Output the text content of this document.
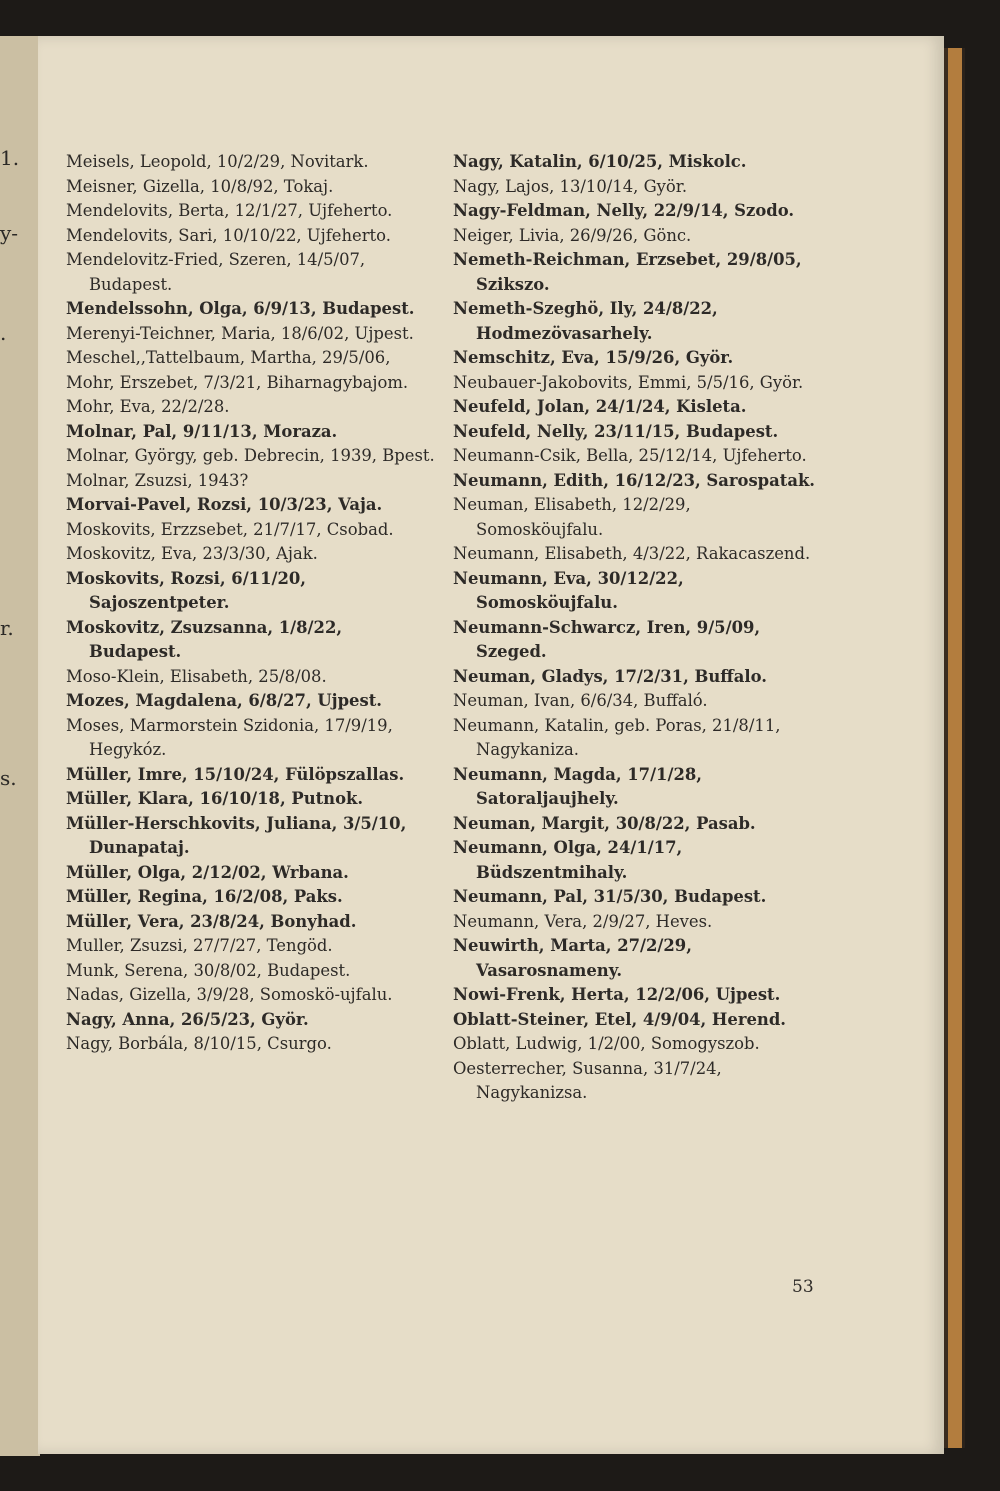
1.
y-
.
r.
s.
Meisels, Leopold, 10/2/29, Novitark.
Meisner, Gizella, 10/8/92, Tokaj.
Mendelovits, Berta, 12/1/27, Ujfeherto.
Mendelovits, Sari, 10/10/22, Ujfeherto.
Mendelovitz-Fried, Szeren, 14/5/07, Budapest.
Mendelssohn, Olga, 6/9/13, Budapest.
Merenyi-Teichner, Maria, 18/6/02, Ujpest.
Meschel,,Tattelbaum, Martha, 29/5/06,
Mohr, Erszebet, 7/3/21, Biharnagybajom.
Mohr, Eva, 22/2/28.
Molnar, Pal, 9/11/13, Moraza.
Molnar, György, geb. Debrecin, 1939, Bpest.
Molnar, Zsuzsi, 1943?
Morvai-Pavel, Rozsi, 10/3/23, Vaja.
Moskovits, Erzzsebet, 21/7/17, Csobad.
Moskovitz, Eva, 23/3/30, Ajak.
Moskovits, Rozsi, 6/11/20, Sajoszentpeter.
Moskovitz, Zsuzsanna, 1/8/22, Budapest.
Moso-Klein, Elisabeth, 25/8/08.
Mozes, Magdalena, 6/8/27, Ujpest.
Moses, Marmorstein Szidonia, 17/9/19, Hegykóz.
Müller, Imre, 15/10/24, Fülöpszallas.
Müller, Klara, 16/10/18, Putnok.
Müller-Herschkovits, Juliana, 3/5/10, Dunapataj.
Müller, Olga, 2/12/02, Wrbana.
Müller, Regina, 16/2/08, Paks.
Müller, Vera, 23/8/24, Bonyhad.
Muller, Zsuzsi, 27/7/27, Tengöd.
Munk, Serena, 30/8/02, Budapest.
Nadas, Gizella, 3/9/28, Somoskö-ujfalu.
Nagy, Anna, 26/5/23, Györ.
Nagy, Borbála, 8/10/15, Csurgo.
Nagy, Katalin, 6/10/25, Miskolc.
Nagy, Lajos, 13/10/14, Györ.
Nagy-Feldman, Nelly, 22/9/14, Szodo.
Neiger, Livia, 26/9/26, Gönc.
Nemeth-Reichman, Erzsebet, 29/8/05, Szikszo.
Nemeth-Szeghö, Ily, 24/8/22, Hodmezövasarhely.
Nemschitz, Eva, 15/9/26, Györ.
Neubauer-Jakobovits, Emmi, 5/5/16, Györ.
Neufeld, Jolan, 24/1/24, Kisleta.
Neufeld, Nelly, 23/11/15, Budapest.
Neumann-Csik, Bella, 25/12/14, Ujfeherto.
Neumann, Edith, 16/12/23, Sarospatak.
Neuman, Elisabeth, 12/2/29, Somosköujfalu.
Neumann, Elisabeth, 4/3/22, Rakacaszend.
Neumann, Eva, 30/12/22, Somosköujfalu.
Neumann-Schwarcz, Iren, 9/5/09, Szeged.
Neuman, Gladys, 17/2/31, Buffalo.
Neuman, Ivan, 6/6/34, Buffaló.
Neumann, Katalin, geb. Poras, 21/8/11, Nagykaniza.
Neumann, Magda, 17/1/28, Satoraljaujhely.
Neuman, Margit, 30/8/22, Pasab.
Neumann, Olga, 24/1/17, Büdszentmihaly.
Neumann, Pal, 31/5/30, Budapest.
Neumann, Vera, 2/9/27, Heves.
Neuwirth, Marta, 27/2/29, Vasarosnameny.
Nowi-Frenk, Herta, 12/2/06, Ujpest.
Oblatt-Steiner, Etel, 4/9/04, Herend.
Oblatt, Ludwig, 1/2/00, Somogyszob.
Oesterrecher, Susanna, 31/7/24, Nagykanizsa.
53
